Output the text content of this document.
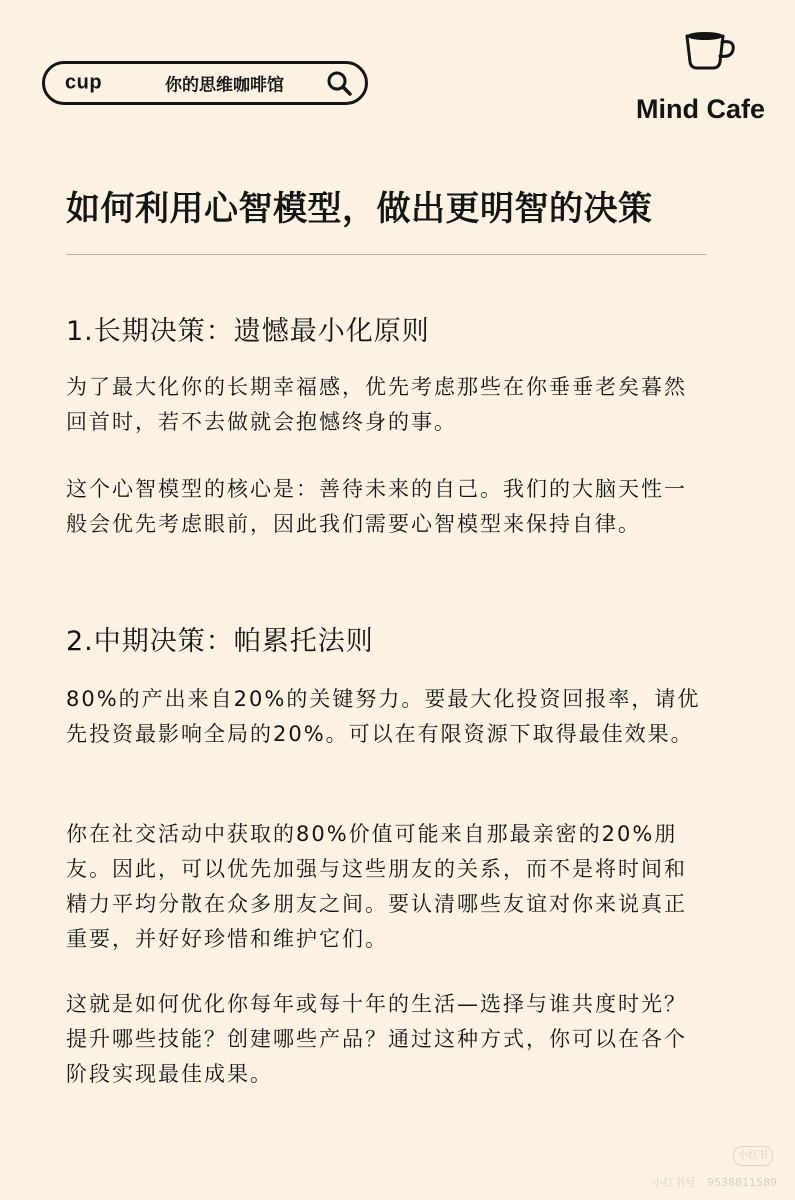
cup	你的思维咖啡馆
Mind Cafe
如何利用心智模型，做出更明智的决策
1.长期决策：遗憾最小化原则

为了最大化你的长期幸福感，优先考虑那些在你垂垂老矣暮然回首时，若不去做就会抱憾终身的事。

这个心智模型的核心是：善待未来的自己。我们的大脑天性一般会优先考虑眼前，因此我们需要心智模型来保持自律。

2.中期决策：帕累托法则

80%的产出来自20%的关键努力。要最大化投资回报率，请优先投资最影响全局的20%。可以在有限资源下取得最佳效果。

你在社交活动中获取的80%价值可能来自那最亲密的20%朋友。因此，可以优先加强与这些朋友的关系，而不是将时间和精力平均分散在众多朋友之间。要认清哪些友谊对你来说真正重要，并好好珍惜和维护它们。

这就是如何优化你每年或每十年的生活—选择与谁共度时光？提升哪些技能？创建哪些产品？通过这种方式，你可以在各个阶段实现最佳成果。

小红书
小红书号：9538811589
